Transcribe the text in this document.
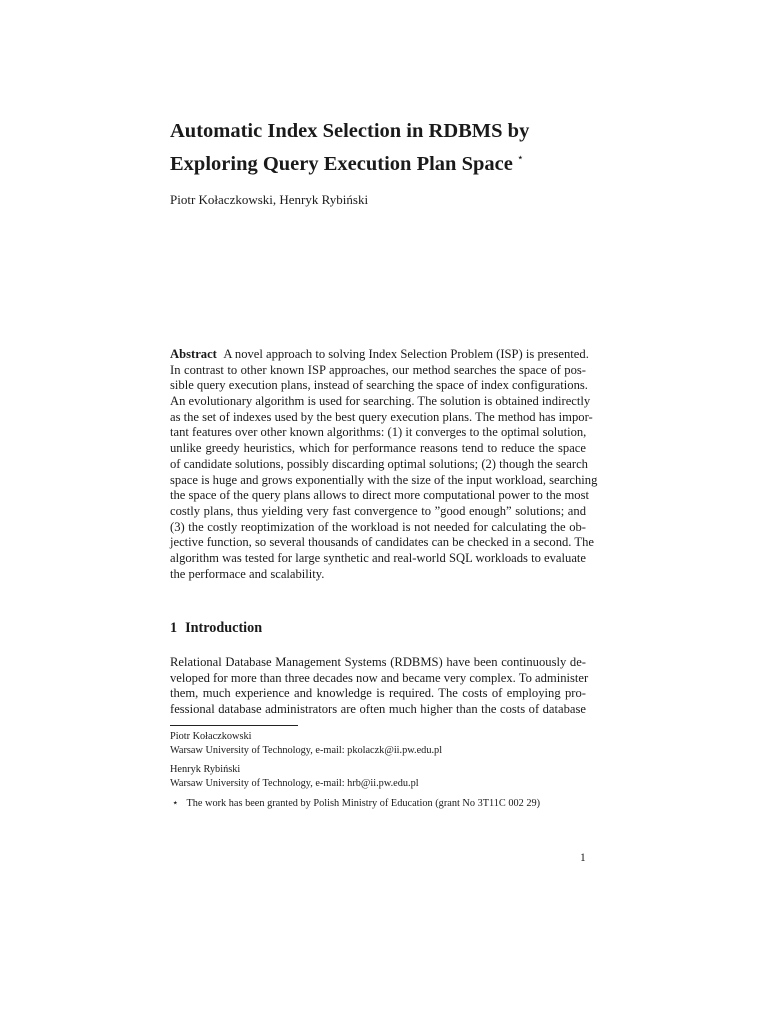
Automatic Index Selection in RDBMS by
Exploring Query Execution Plan Space ⋆
Piotr Kołaczkowski, Henryk Rybiński
Abstract A novel approach to solving Index Selection Problem (ISP) is presented.
In contrast to other known ISP approaches, our method searches the space of pos-
sible query execution plans, instead of searching the space of index configurations.
An evolutionary algorithm is used for searching. The solution is obtained indirectly
as the set of indexes used by the best query execution plans. The method has impor-
tant features over other known algorithms: (1) it converges to the optimal solution,
unlike greedy heuristics, which for performance reasons tend to reduce the space
of candidate solutions, possibly discarding optimal solutions; (2) though the search
space is huge and grows exponentially with the size of the input workload, searching
the space of the query plans allows to direct more computational power to the most
costly plans, thus yielding very fast convergence to ”good enough” solutions; and
(3) the costly reoptimization of the workload is not needed for calculating the ob-
jective function, so several thousands of candidates can be checked in a second. The
algorithm was tested for large synthetic and real-world SQL workloads to evaluate
the performace and scalability.
1 Introduction
Relational Database Management Systems (RDBMS) have been continuously de-
veloped for more than three decades now and became very complex. To administer
them, much experience and knowledge is required. The costs of employing pro-
fessional database administrators are often much higher than the costs of database
Piotr Kołaczkowski
Warsaw University of Technology, e-mail: pkolaczk@ii.pw.edu.pl
Henryk Rybiński
Warsaw University of Technology, e-mail: hrb@ii.pw.edu.pl
⋆ The work has been granted by Polish Ministry of Education (grant No 3T11C 002 29)
1
